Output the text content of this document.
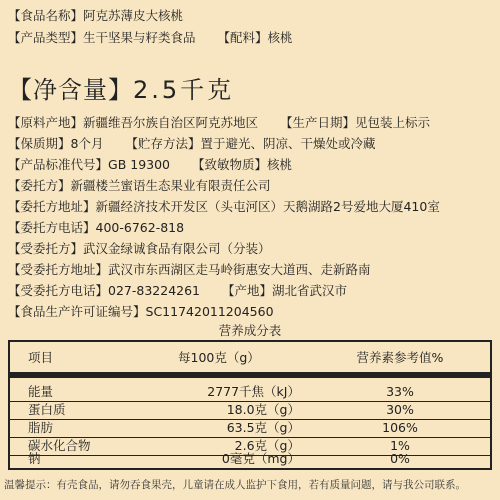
【食品名称】阿克苏薄皮大核桃
【产品类型】生干坚果与籽类食品 【配料】核桃
【净含量】2.5千克
【原料产地】新疆维吾尔族自治区阿克苏地区 【生产日期】见包装上标示
【保质期】8个月 【贮存方法】置于避光、阴凉、干燥处或冷藏
【产品标准代号】GB 19300 【致敏物质】核桃
【委托方】新疆楼兰蜜语生态果业有限责任公司
【委托方地址】新疆经济技术开发区（头屯河区）天鹅湖路2号爱地大厦410室
【委托方电话】400-6762-818
【受委托方】武汉金绿诚食品有限公司（分装）
【受委托方地址】武汉市东西湖区走马岭街惠安大道西、走新路南
【受委托方电话】027-83224261 【产地】湖北省武汉市
【食品生产许可证编号】SC11742011204560
营养成分表
项目	每100克（g）	营养素参考值%
能量	2777千焦（kJ）	33%
蛋白质	18.0克（g）	30%
脂肪	63.5克（g）	106%
碳水化合物	2.6克（g）	1%
钠	0毫克（mg）	0%
温馨提示：有壳食品，请勿吞食果壳，儿童请在成人监护下食用，若有质量问题，请与我公司联系。
